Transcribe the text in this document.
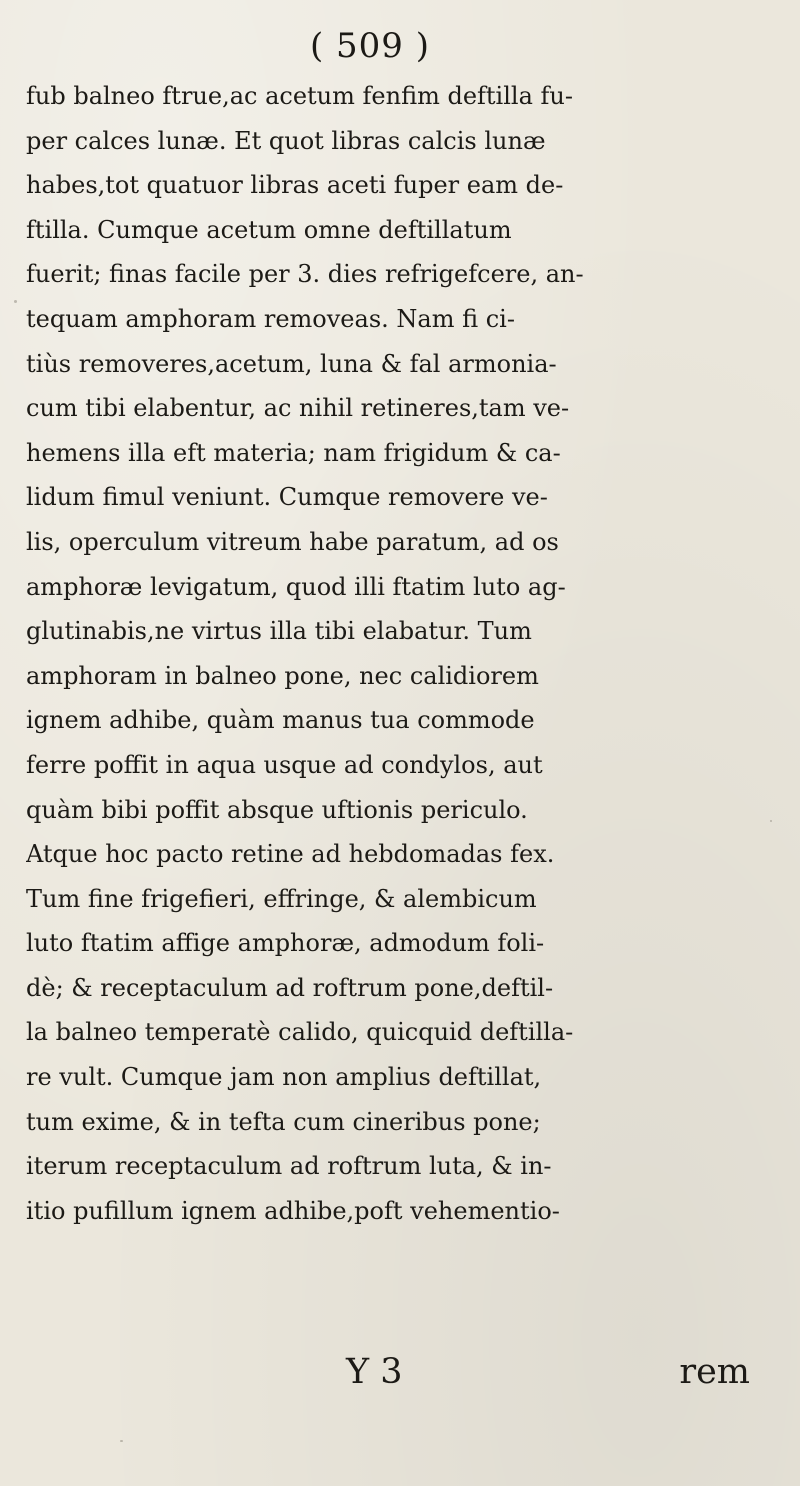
( 509 )
fub balneo ftrue,ac acetum fenfim deftilla fu-
per calces lunæ. Et quot libras calcis lunæ
habes,tot quatuor libras aceti fuper eam de-
ftilla. Cumque acetum omne deftillatum
fuerit; finas facile per 3. dies refrigefcere, an-
tequam amphoram removeas. Nam fi ci-
tiùs removeres,acetum, luna & fal armonia-
cum tibi elabentur, ac nihil retineres,tam ve-
hemens illa eft materia; nam frigidum & ca-
lidum fimul veniunt. Cumque removere ve-
lis, operculum vitreum habe paratum, ad os
amphoræ levigatum, quod illi ftatim luto ag-
glutinabis,ne virtus illa tibi elabatur. Tum
amphoram in balneo pone, nec calidiorem
ignem adhibe, quàm manus tua commode
ferre poffit in aqua usque ad condylos, aut
quàm bibi poffit absque uftionis periculo.
Atque hoc pacto retine ad hebdomadas fex.
Tum fine frigefieri, effringe, & alembicum
luto ftatim affige amphoræ, admodum foli-
dè; & receptaculum ad roftrum pone,deftil-
la balneo temperatè calido, quicquid deftilla-
re vult. Cumque jam non amplius deftillat,
tum exime, & in tefta cum cineribus pone;
iterum receptaculum ad roftrum luta, & in-
itio pufillum ignem adhibe,poft vehementio-
Y 3	rem
